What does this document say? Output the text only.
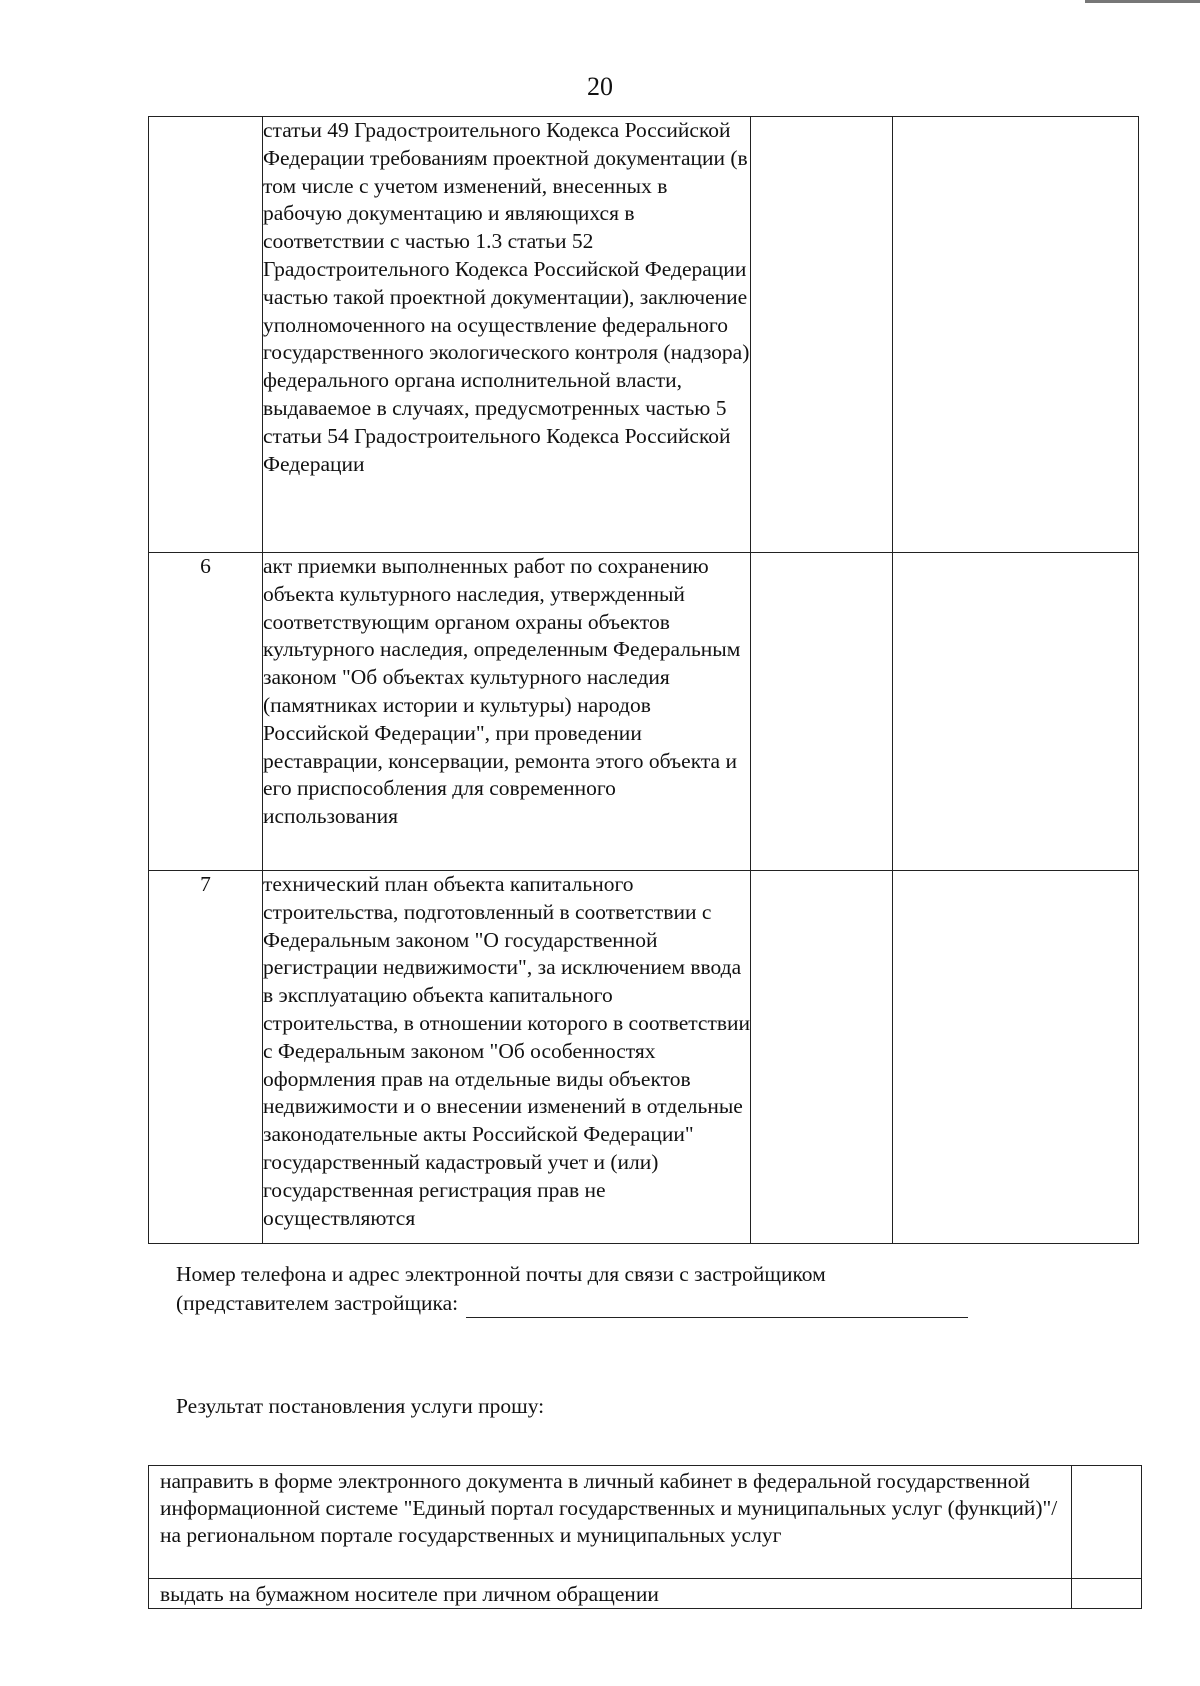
20
	статьи 49 Градостроительного Кодекса Российской Федерации требованиям проектной документации (в том числе с учетом изменений, внесенных в рабочую документацию и являющихся в соответствии с частью 1.3 статьи 52 Градостроительного Кодекса Российской Федерации частью такой проектной документации), заключение уполномоченного на осуществление федерального государственного экологического контроля (надзора) федерального органа исполнительной власти, выдаваемое в случаях, предусмотренных частью 5 статьи 54 Градостроительного Кодекса Российской Федерации		
6	акт приемки выполненных работ по сохранению объекта культурного наследия, утвержденный соответствующим органом охраны объектов культурного наследия, определенным Федеральным законом "Об объектах культурного наследия (памятниках истории и культуры) народов Российской Федерации", при проведении реставрации, консервации, ремонта этого объекта и его приспособления для современного использования		
7	технический план объекта капитального строительства, подготовленный в соответствии с Федеральным законом "О государственной регистрации недвижимости", за исключением ввода в эксплуатацию объекта капитального строительства, в отношении которого в соответствии с Федеральным законом "Об особенностях оформления прав на отдельные виды объектов недвижимости и о внесении изменений в отдельные законодательные акты Российской Федерации" государственный кадастровый учет и (или) государственная регистрация прав не осуществляются		
Номер телефона и адрес электронной почты для связи с застройщиком
(представителем застройщика:
Результат постановления услуги прошу:
направить в форме электронного документа в личный кабинет в федеральной государственной информационной системе "Единый портал государственных и муниципальных услуг (функций)"/ на региональном портале государственных и муниципальных услуг	
выдать на бумажном носителе при личном обращении	
